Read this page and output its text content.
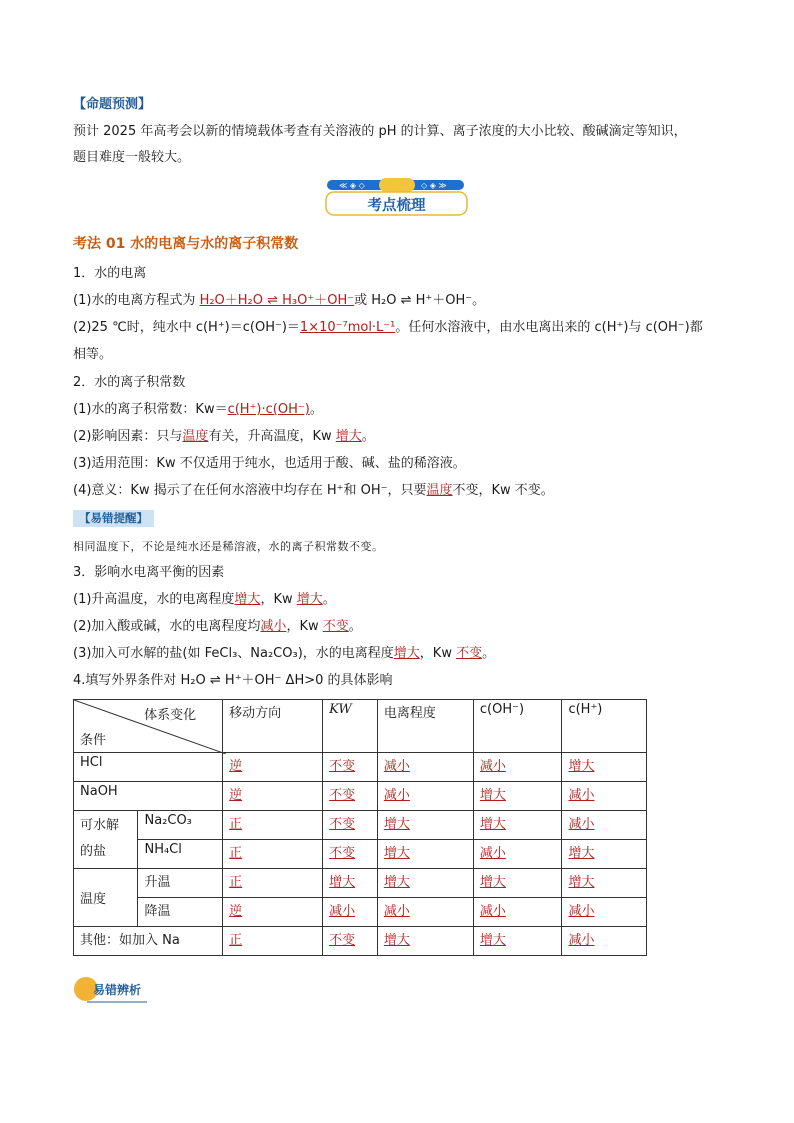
【命题预测】
预计 2025 年高考会以新的情境载体考查有关溶液的 pH 的计算、离子浓度的大小比较、酸碱滴定等知识，
题目难度一般较大。
≪ ◈ ◇	◇ ◈ ≫
考点梳理
考法 01 水的电离与水的离子积常数
1．水的电离
(1)水的电离方程式为 H₂O＋H₂O ⇌ H₃O⁺＋OH⁻或 H₂O ⇌ H⁺＋OH⁻。
(2)25 ℃时，纯水中 c(H⁺)＝c(OH⁻)＝1×10⁻⁷mol·L⁻¹。任何水溶液中，由水电离出来的 c(H⁺)与 c(OH⁻)都
相等。
2．水的离子积常数
(1)水的离子积常数：Kw＝c(H⁺)·c(OH⁻)。
(2)影响因素：只与温度有关，升高温度，Kw 增大。
(3)适用范围：Kw 不仅适用于纯水，也适用于酸、碱、盐的稀溶液。
(4)意义：Kw 揭示了在任何水溶液中均存在 H⁺和 OH⁻，只要温度不变，Kw 不变。
【易错提醒】
相同温度下，不论是纯水还是稀溶液，水的离子积常数不变。
3．影响水电离平衡的因素
(1)升高温度，水的电离程度增大，Kw 增大。
(2)加入酸或碱，水的电离程度均减小，Kw 不变。
(3)加入可水解的盐(如 FeCl₃、Na₂CO₃)，水的电离程度增大，Kw 不变。
4.填写外界条件对 H₂O ⇌ H⁺＋OH⁻ ΔH>0 的具体影响
体系变化
条件		移动方向	KW	电离程度	c(OH⁻)	c(H⁺)
HCl		逆	不变	减小	减小	增大
NaOH		逆	不变	减小	增大	减小
可水解
的盐	Na₂CO₃	正	不变	增大	增大	减小
	NH₄Cl	正	不变	增大	减小	增大
温度	升温	正	增大	增大	增大	增大
	降温	逆	减小	减小	减小	减小
其他：如加入 Na		正	不变	增大	增大	减小
易错辨析
